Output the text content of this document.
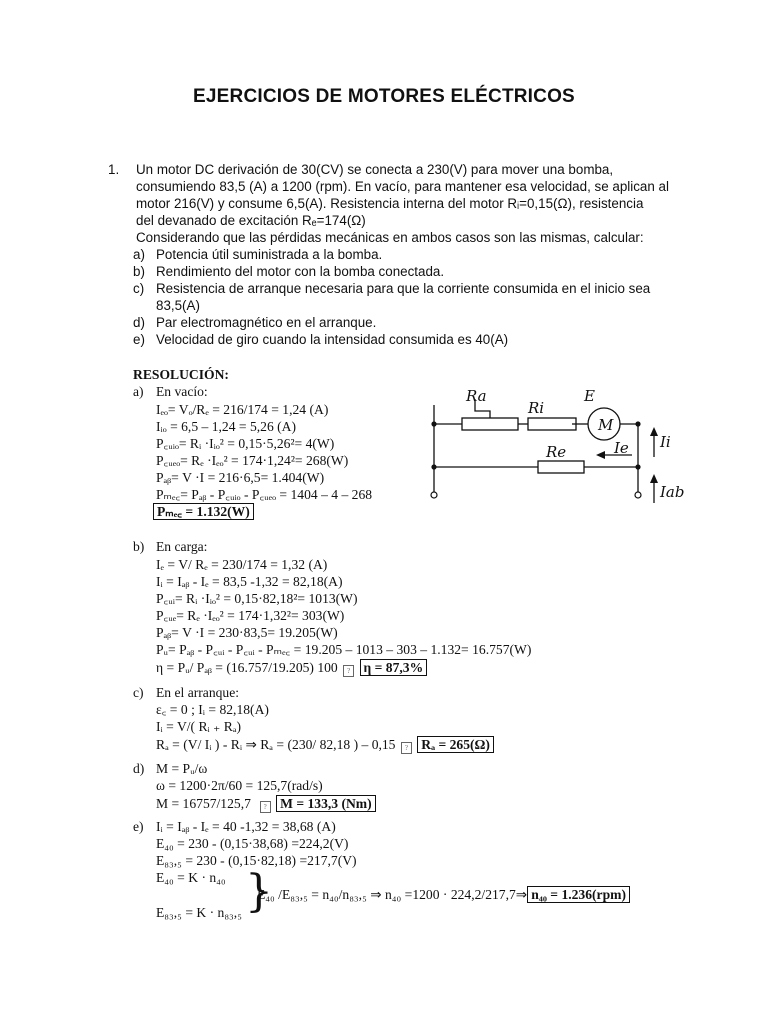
EJERCICIOS DE MOTORES ELÉCTRICOS
1. Un motor DC derivación de 30(CV) se conecta a 230(V) para mover una bomba,
consumiendo 83,5 (A) a 1200 (rpm). En vacío, para mantener esa velocidad, se aplican al
motor 216(V) y consume 6,5(A). Resistencia interna del motor Rᵢ=0,15(Ω), resistencia
del devanado de excitación Rₑ=174(Ω)
Considerando que las pérdidas mecánicas en ambos casos son las mismas, calcular:
a) Potencia útil suministrada a la bomba.
b) Rendimiento del motor con la bomba conectada.
c) Resistencia de arranque necesaria para que la corriente consumida en el inicio sea
83,5(A)
d) Par electromagnético en el arranque.
e) Velocidad de giro cuando la intensidad consumida es 40(A)
RESOLUCIÓN:
a) En vacío:
Iₑₒ= Vₒ/Rₑ = 216/174 = 1,24 (A)
Iᵢₒ = 6,5 – 1,24 = 5,26 (A)
P꜀ᵤᵢₒ= Rᵢ ·Iᵢₒ² = 0,15·5,26²= 4(W)
P꜀ᵤₑₒ= Rₑ ·Iₑₒ² = 174·1,24²= 268(W)
Pₐᵦ= V ·I = 216·6,5= 1.404(W)
Pₘₑ꜀= Pₐᵦ - P꜀ᵤᵢₒ - P꜀ᵤₑₒ = 1404 – 4 – 268
Pₘₑ꜀ = 1.132(W)
Ra
Ri
E
M
Ie
Re
Ii
Iab
b) En carga:
Iₑ = V/ Rₑ = 230/174 = 1,32 (A)
Iᵢ = Iₐᵦ - Iₑ = 83,5 -1,32 = 82,18(A)
P꜀ᵤᵢ= Rᵢ ·Iᵢₒ² = 0,15·82,18²= 1013(W)
P꜀ᵤₑ= Rₑ ·Iₑₒ² = 174·1,32²= 303(W)
Pₐᵦ= V ·I = 230·83,5= 19.205(W)
Pᵤ= Pₐᵦ - P꜀ᵤᵢ - P꜀ᵤᵢ - Pₘₑ꜀ = 19.205 – 1013 – 303 – 1.132= 16.757(W)
η = Pᵤ/ Pₐᵦ = (16.757/19.205) 100 ? η = 87,3%
c) En el arranque:
ε꜀ = 0 ; Iᵢ = 82,18(A)
Iᵢ = V/( Rᵢ ₊ Rₐ)
Rₐ = (V/ Iᵢ ) - Rᵢ ⇒ Rₐ = (230/ 82,18 ) – 0,15 ? Rₐ = 265(Ω)
d) M = Pᵤ/ω
ω = 1200·2π/60 = 125,7(rad/s)
M = 16757/125,7 ? M = 133,3 (Nm)
e) Iᵢ = Iₐᵦ - Iₑ = 40 -1,32 = 38,68 (A)
E₄₀ = 230 - (0,15·38,68) =224,2(V)
E₈₃,₅ = 230 - (0,15·82,18) =217,7(V)
E₄₀ = K · n₄₀
E₈₃,₅ = K · n₈₃,₅ }
E₄₀ /E₈₃,₅ = n₄₀/n₈₃,₅ ⇒ n₄₀ =1200 · 224,2/217,7⇒ n₄₀ = 1.236(rpm)
